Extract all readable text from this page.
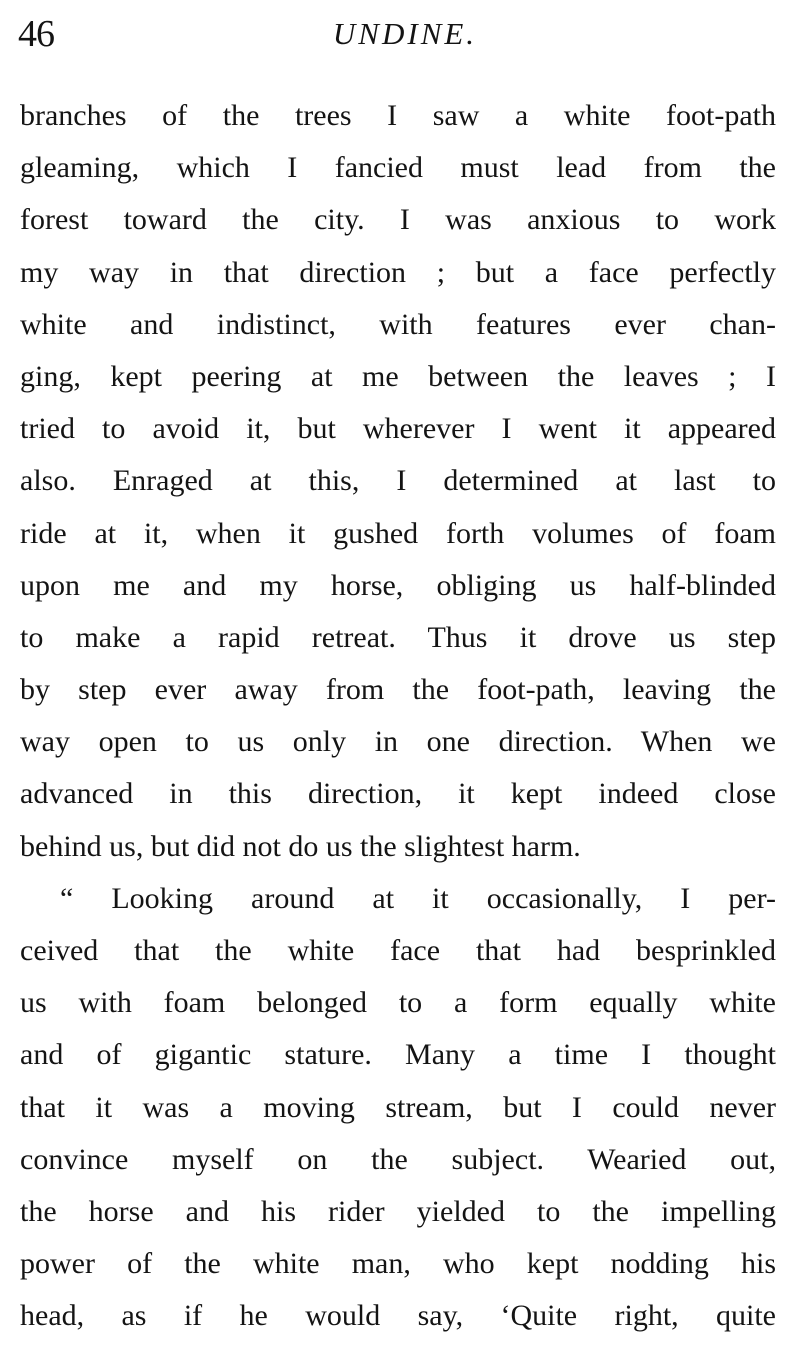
46	UNDINE.
branches of the trees I saw a white foot-path
gleaming, which I fancied must lead from the
forest toward the city. I was anxious to work
my way in that direction ; but a face perfectly
white and indistinct, with features ever chan-
ging, kept peering at me between the leaves ; I
tried to avoid it, but wherever I went it appeared
also. Enraged at this, I determined at last to
ride at it, when it gushed forth volumes of foam
upon me and my horse, obliging us half-blinded
to make a rapid retreat. Thus it drove us step
by step ever away from the foot-path, leaving the
way open to us only in one direction. When we
advanced in this direction, it kept indeed close
behind us, but did not do us the slightest harm.
“ Looking around at it occasionally, I per-
ceived that the white face that had besprinkled
us with foam belonged to a form equally white
and of gigantic stature. Many a time I thought
that it was a moving stream, but I could never
convince myself on the subject. Wearied out,
the horse and his rider yielded to the impelling
power of the white man, who kept nodding his
head, as if he would say, ‘Quite right, quite
